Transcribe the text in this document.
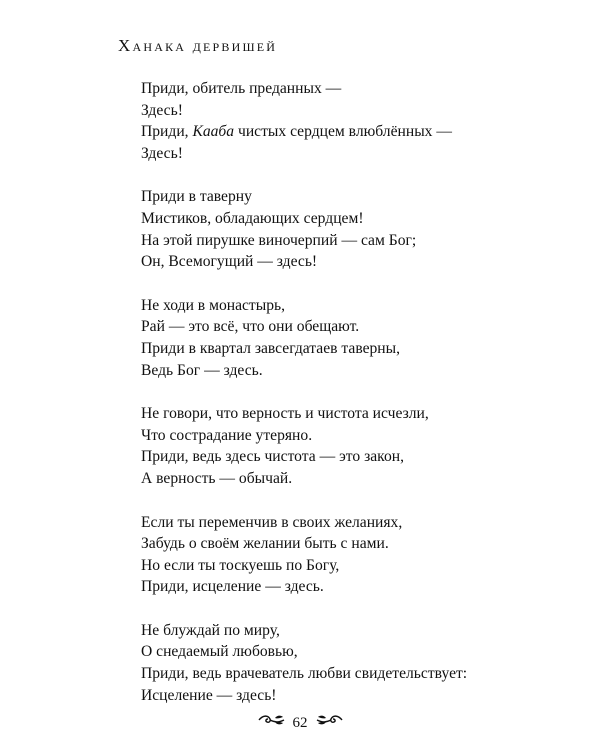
Ханака дервишей
Приди, обитель преданных —
Здесь!
Приди, Кааба чистых сердцем влюблённых —
Здесь!
Приди в таверну
Мистиков, обладающих сердцем!
На этой пирушке виночерпий — сам Бог;
Он, Всемогущий — здесь!
Не ходи в монастырь,
Рай — это всё, что они обещают.
Приди в квартал завсегдатаев таверны,
Ведь Бог — здесь.
Не говори, что верность и чистота исчезли,
Что сострадание утеряно.
Приди, ведь здесь чистота — это закон,
А верность — обычай.
Если ты переменчив в своих желаниях,
Забудь о своём желании быть с нами.
Но если ты тоскуешь по Богу,
Приди, исцеление — здесь.
Не блуждай по миру,
О снедаемый любовью,
Приди, ведь врачеватель любви свидетельствует:
Исцеление — здесь!
62
